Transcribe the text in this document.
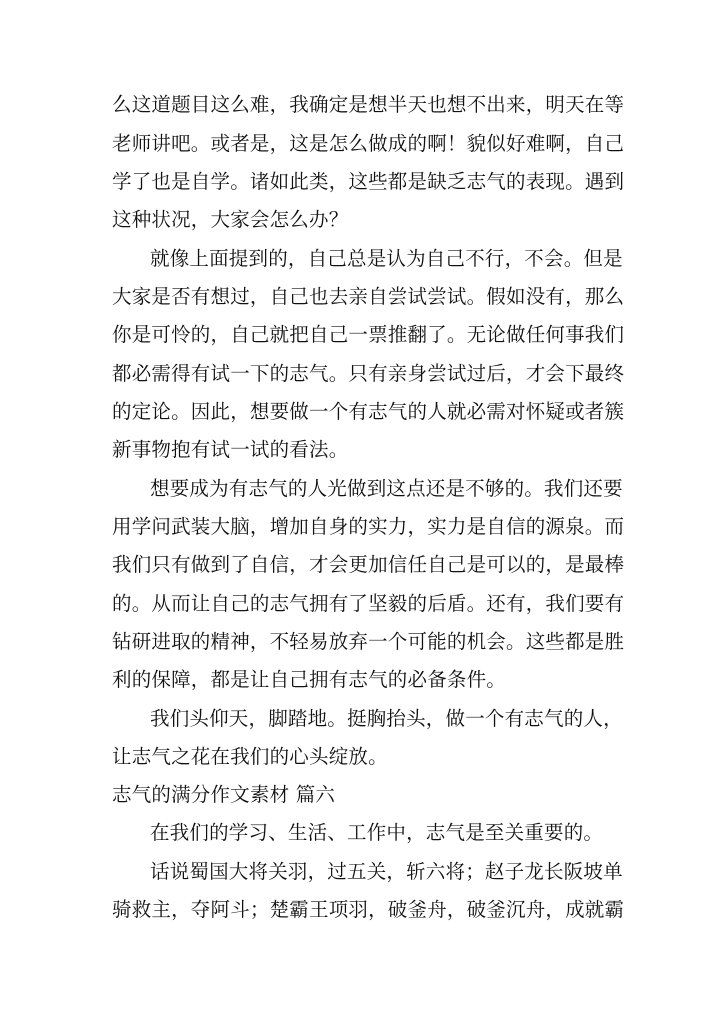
么这道题目这么难，我确定是想半天也想不出来，明天在等
老师讲吧。或者是，这是怎么做成的啊！貌似好难啊，自己
学了也是自学。诸如此类，这些都是缺乏志气的表现。遇到
这种状况，大家会怎么办？
就像上面提到的，自己总是认为自己不行，不会。但是
大家是否有想过，自己也去亲自尝试尝试。假如没有，那么
你是可怜的，自己就把自己一票推翻了。无论做任何事我们
都必需得有试一下的志气。只有亲身尝试过后，才会下最终
的定论。因此，想要做一个有志气的人就必需对怀疑或者簇
新事物抱有试一试的看法。
想要成为有志气的人光做到这点还是不够的。我们还要
用学问武装大脑，增加自身的实力，实力是自信的源泉。而
我们只有做到了自信，才会更加信任自己是可以的，是最棒
的。从而让自己的志气拥有了坚毅的后盾。还有，我们要有
钻研进取的精神，不轻易放弃一个可能的机会。这些都是胜
利的保障，都是让自己拥有志气的必备条件。
我们头仰天，脚踏地。挺胸抬头，做一个有志气的人，
让志气之花在我们的心头绽放。
志气的满分作文素材 篇六
在我们的学习、生活、工作中，志气是至关重要的。
话说蜀国大将关羽，过五关，斩六将；赵子龙长阪坡单
骑救主，夺阿斗；楚霸王项羽，破釜舟，破釜沉舟，成就霸
